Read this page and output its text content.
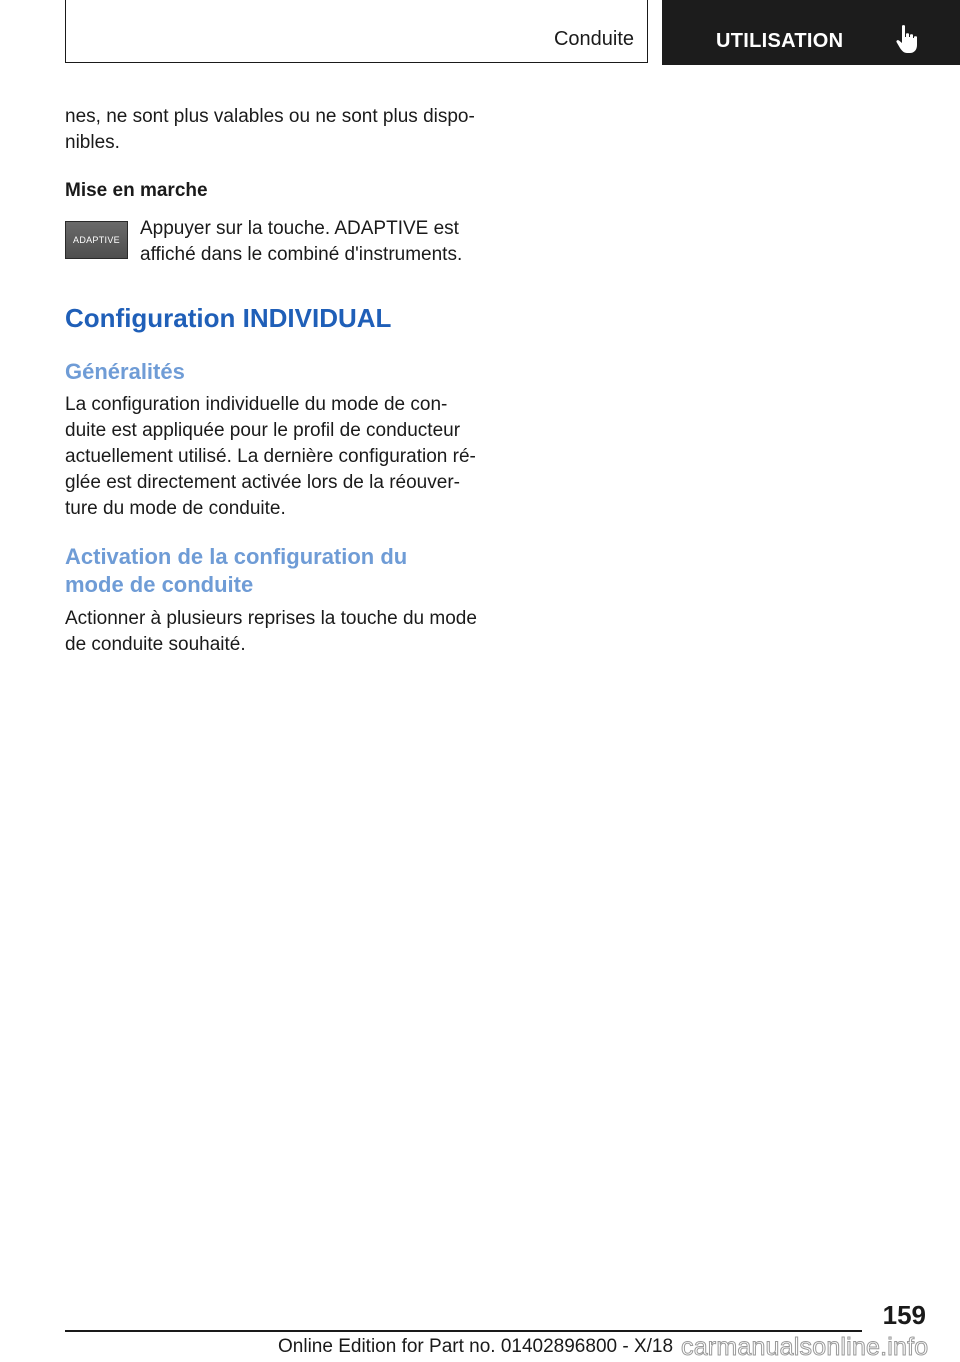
Conduite	UTILISATION

nes, ne sont plus valables ou ne sont plus dispo-

nibles.

Mise en marche

ADAPTIVE

Appuyer sur la touche. ADAPTIVE est

affiché dans le combiné d'instruments.

Configuration INDIVIDUAL
Généralités

La configuration individuelle du mode de con-

duite est appliquée pour le profil de conducteur

actuellement utilisé. La dernière configuration ré-

glée est directement activée lors de la réouver-

ture du mode de conduite.

Activation de la configuration du
mode de conduite

Actionner à plusieurs reprises la touche du mode

de conduite souhaité.

159
Online Edition for Part no. 01402896800 - X/18 carmanualsonline.info
